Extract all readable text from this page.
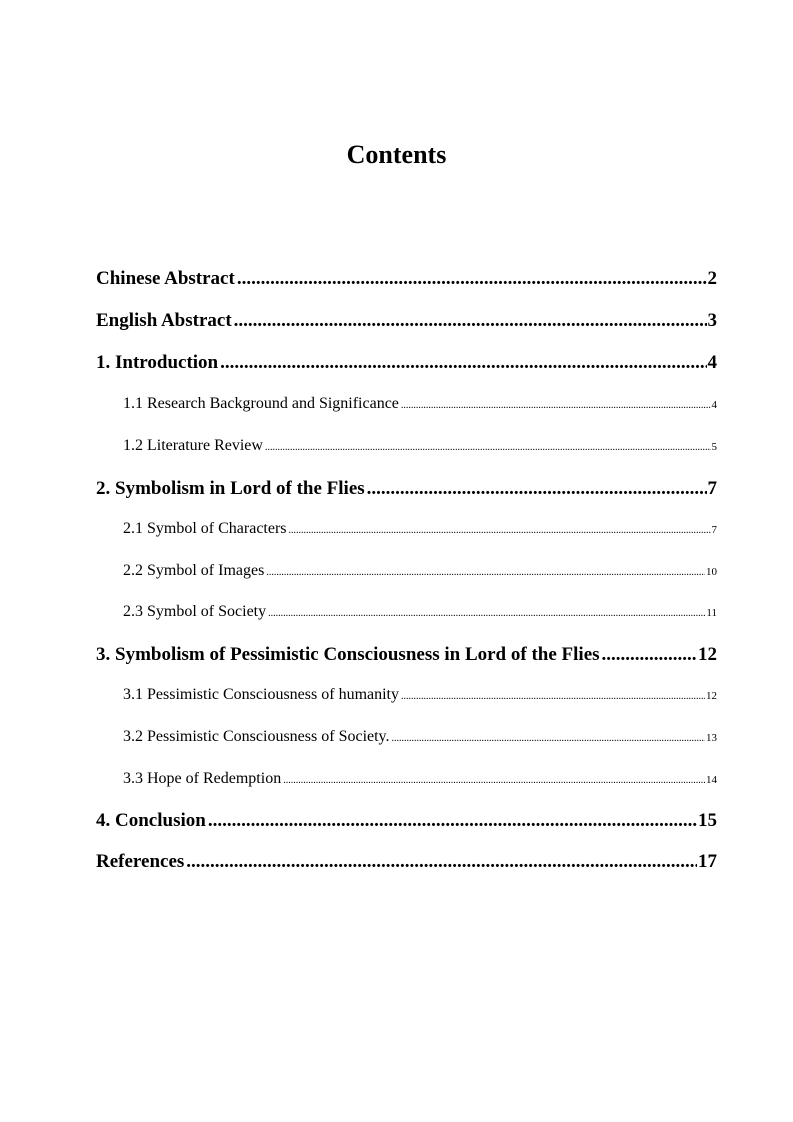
Contents
Chinese Abstract .....	2
English Abstract .....	3
1. Introduction .....	4
1.1 Research Background and Significance .....	4
1.2 Literature Review .....	5
2. Symbolism in Lord of the Flies .....	7
2.1 Symbol of Characters .....	7
2.2 Symbol of Images .....	10
2.3 Symbol of Society .....	11
3. Symbolism of Pessimistic Consciousness in Lord of the Flies .....	12
3.1 Pessimistic Consciousness of humanity .....	12
3.2 Pessimistic Consciousness of Society. .....	13
3.3 Hope of Redemption .....	14
4. Conclusion .....	15
References .....	17
